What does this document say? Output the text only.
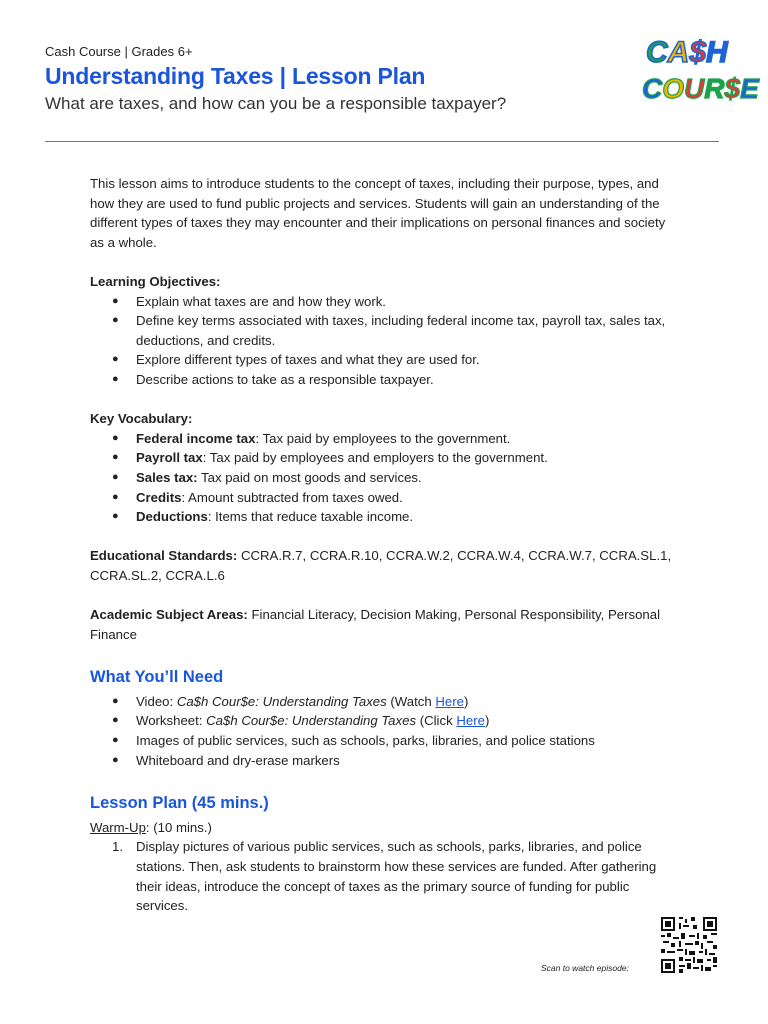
Cash Course | Grades 6+
Understanding Taxes | Lesson Plan
What are taxes, and how can you be a responsible taxpayer?
CA$H
COUR$E

This lesson aims to introduce students to the concept of taxes, including their purpose, types, and how they are used to fund public projects and services. Students will gain an understanding of the different types of taxes they may encounter and their implications on personal finances and society as a whole.

Learning Objectives:

● Explain what taxes are and how they work.
● Define key terms associated with taxes, including federal income tax, payroll tax, sales tax, deductions, and credits.
● Explore different types of taxes and what they are used for.
● Describe actions to take as a responsible taxpayer.

Key Vocabulary:

● Federal income tax: Tax paid by employees to the government.
● Payroll tax: Tax paid by employees and employers to the government.
● Sales tax: Tax paid on most goods and services.
● Credits: Amount subtracted from taxes owed.
● Deductions: Items that reduce taxable income.

Educational Standards: CCRA.R.7, CCRA.R.10, CCRA.W.2, CCRA.W.4, CCRA.W.7, CCRA.SL.1, CCRA.SL.2, CCRA.L.6

Academic Subject Areas: Financial Literacy, Decision Making, Personal Responsibility, Personal Finance

What You’ll Need
● Video: Ca$h Cour$e: Understanding Taxes (Watch Here)
● Worksheet: Ca$h Cour$e: Understanding Taxes (Click Here)
● Images of public services, such as schools, parks, libraries, and police stations
● Whiteboard and dry-erase markers
Lesson Plan (45 mins.)

Warm-Up: (10 mins.)

1. Display pictures of various public services, such as schools, parks, libraries, and police stations. Then, ask students to brainstorm how these services are funded. After gathering their ideas, introduce the concept of taxes as the primary source of funding for public services.
Scan to watch episode:
